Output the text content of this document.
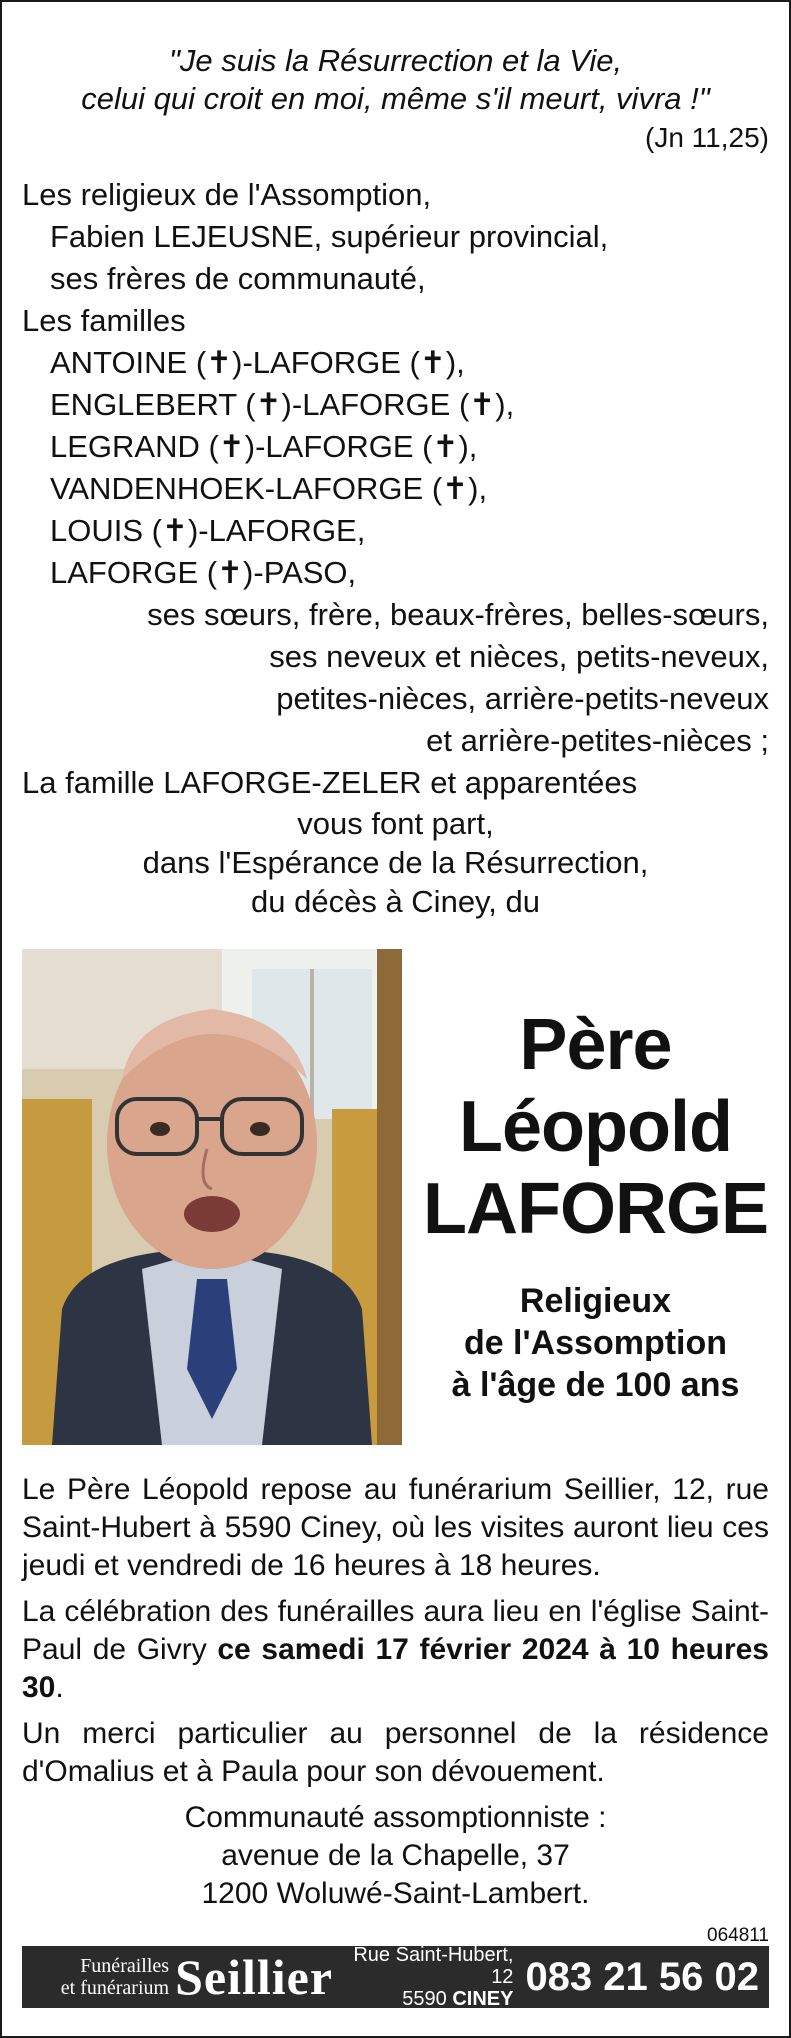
"Je suis la Résurrection et la Vie,
celui qui croit en moi, même s'il meurt, vivra !"

(Jn 11,25)
Les religieux de l'Assomption,
Fabien LEJEUSNE, supérieur provincial,
ses frères de communauté,
Les familles
ANTOINE (✝)-LAFORGE (✝),
ENGLEBERT (✝)-LAFORGE (✝),
LEGRAND (✝)-LAFORGE (✝),
VANDENHOEK-LAFORGE (✝),
LOUIS (✝)-LAFORGE,
LAFORGE (✝)-PASO,
ses sœurs, frère, beaux-frères, belles-sœurs,
ses neveux et nièces, petits-neveux,
petites-nièces, arrière-petits-neveux
et arrière-petites-nièces ;
La famille LAFORGE-ZELER et apparentées
vous font part,
dans l'Espérance de la Résurrection,
du décès à Ciney, du
Père
Léopold
LAFORGE
Religieux
de l'Assomption
à l'âge de 100 ans

Le Père Léopold repose au funérarium Seillier, 12, rue Saint-Hubert à 5590 Ciney, où les visites auront lieu ces jeudi et vendredi de 16 heures à 18 heures.

La célébration des funérailles aura lieu en l'église Saint-Paul de Givry ce samedi 17 février 2024 à 10 heures 30.

Un merci particulier au personnel de la résidence d'Omalius et à Paula pour son dévouement.

Communauté assomptionniste :
avenue de la Chapelle, 37
1200 Woluwé-Saint-Lambert.
064811
Funérailles
et funérarium Seillier	Rue Saint-Hubert, 12
5590 CINEY
083 21 56 02
